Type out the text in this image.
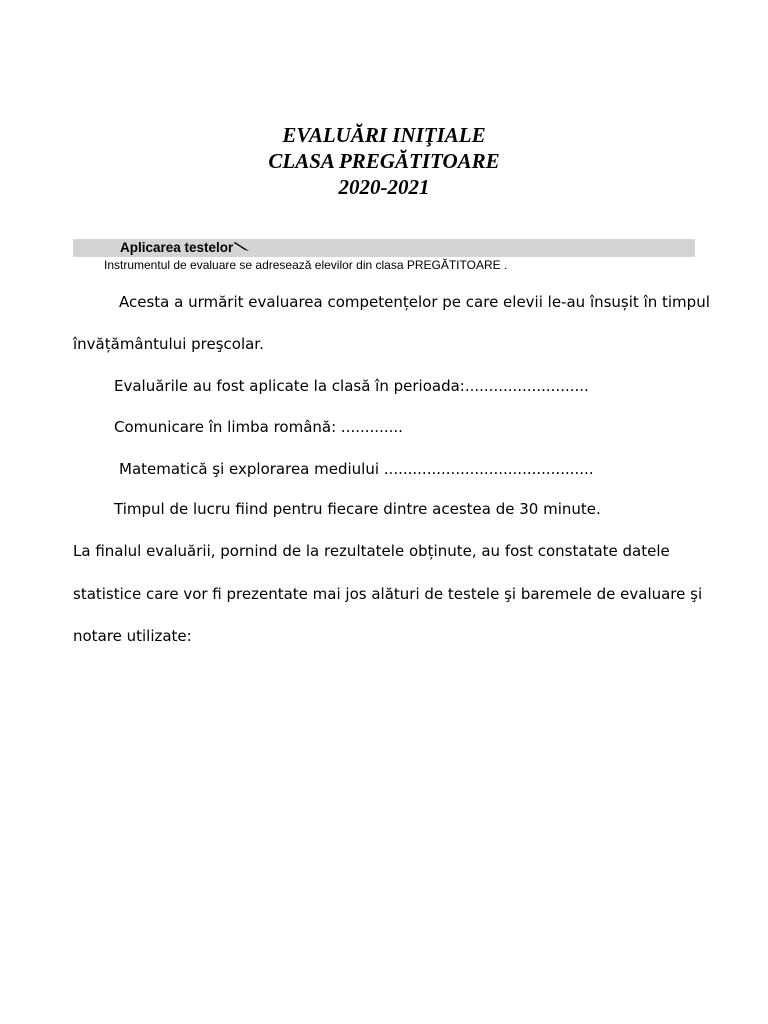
EVALUĂRI INIŢIALE
CLASA PREGĂTITOARE
2020-2021
Aplicarea testelor
Instrumentul de evaluare se adresează elevilor din clasa PREGĂTITOARE .
Acesta a urmărit evaluarea competențelor pe care elevii le-au însușit în timpul
învățământului preşcolar.
Evaluările au fost aplicate la clasă în perioada:..........................
Comunicare în limba română: .............
Matematică şi explorarea mediului ............................................
Timpul de lucru fiind pentru fiecare dintre acestea de 30 minute.
La finalul evaluării, pornind de la rezultatele obținute, au fost constatate datele
statistice care vor fi prezentate mai jos alături de testele şi baremele de evaluare şi
notare utilizate:
